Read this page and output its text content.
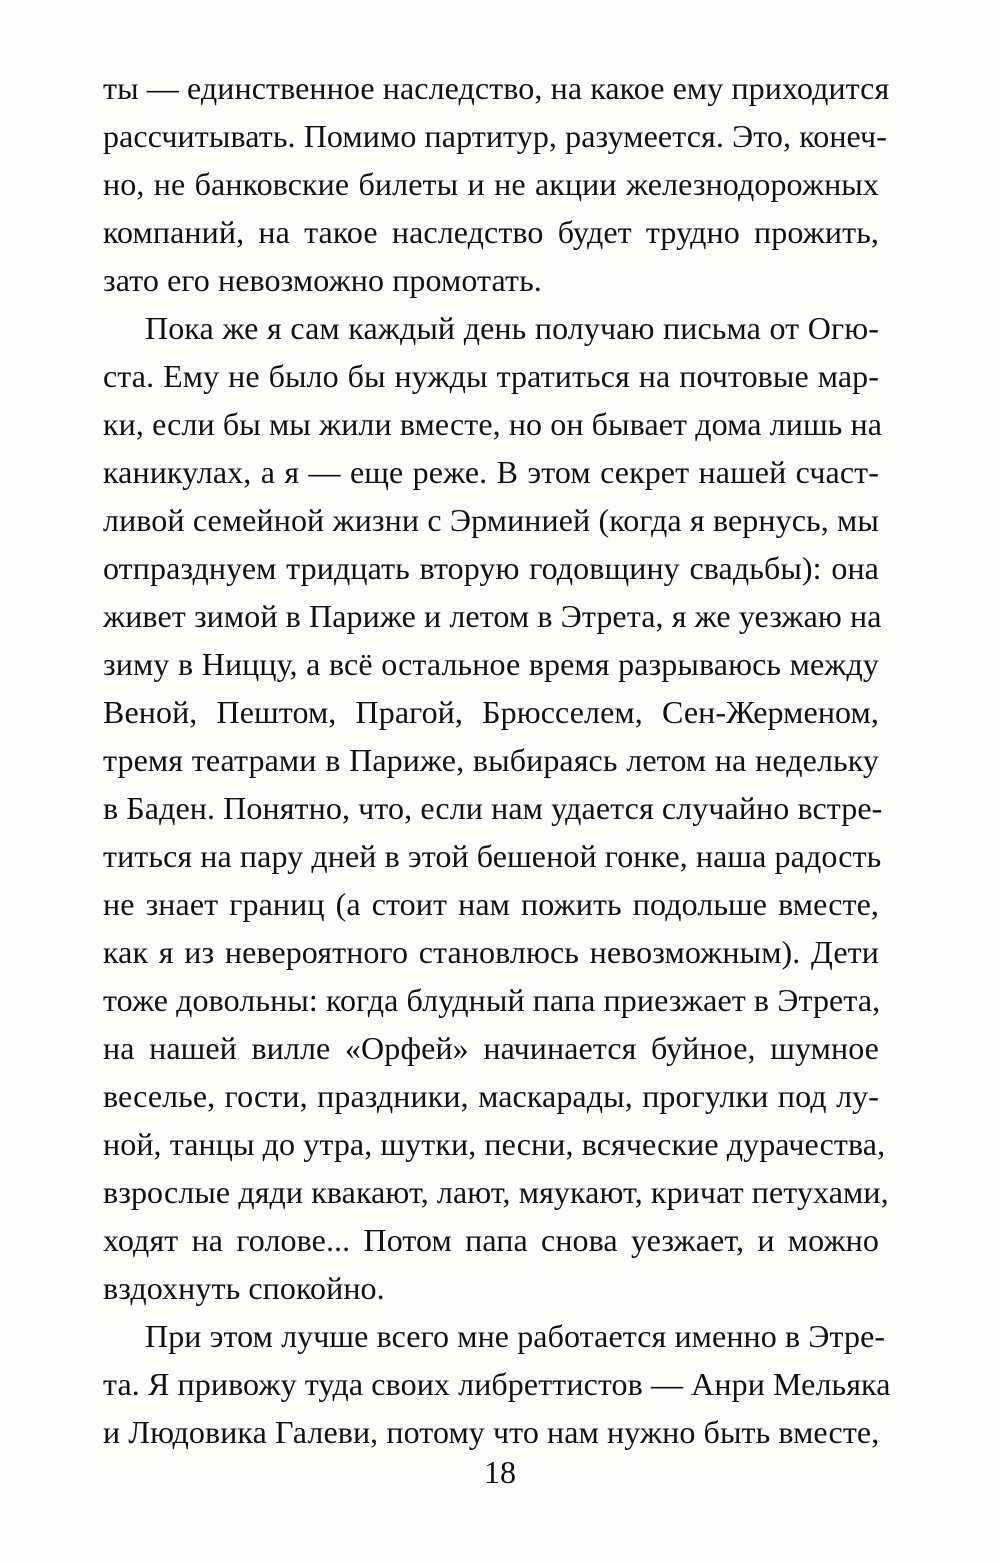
ты — единственное наследство, на какое ему приходится
рассчитывать. Помимо партитур, разумеется. Это, конеч-
но, не банковские билеты и не акции железнодорожных
компаний, на такое наследство будет трудно прожить,
зато его невозможно промотать.
Пока же я сам каждый день получаю письма от Огю-
ста. Ему не было бы нужды тратиться на почтовые мар-
ки, если бы мы жили вместе, но он бывает дома лишь на
каникулах, а я — еще реже. В этом секрет нашей счаст-
ливой семейной жизни с Эрминией (когда я вернусь, мы
отпразднуем тридцать вторую годовщину свадьбы): она
живет зимой в Париже и летом в Этрета, я же уезжаю на
зиму в Ниццу, а всё остальное время разрываюсь между
Веной, Пештом, Прагой, Брюсселем, Сен-Жерменом,
тремя театрами в Париже, выбираясь летом на недельку
в Баден. Понятно, что, если нам удается случайно встре-
титься на пару дней в этой бешеной гонке, наша радость
не знает границ (а стоит нам пожить подольше вместе,
как я из невероятного становлюсь невозможным). Дети
тоже довольны: когда блудный папа приезжает в Этрета,
на нашей вилле «Орфей» начинается буйное, шумное
веселье, гости, праздники, маскарады, прогулки под лу-
ной, танцы до утра, шутки, песни, всяческие дурачества,
взрослые дяди квакают, лают, мяукают, кричат петухами,
ходят на голове... Потом папа снова уезжает, и можно
вздохнуть спокойно.
При этом лучше всего мне работается именно в Этре-
та. Я привожу туда своих либреттистов — Анри Мельяка
и Людовика Галеви, потому что нам нужно быть вместе,
18
